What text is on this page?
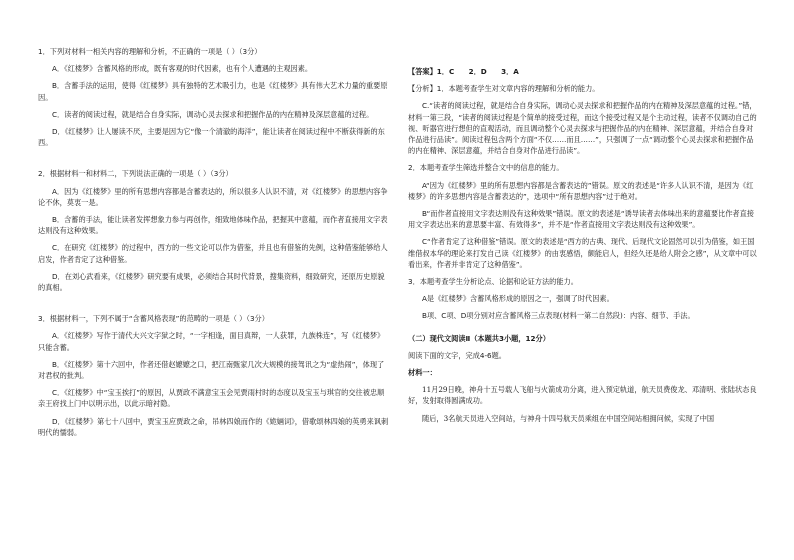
1．下列对材料一相关内容的理解和分析，不正确的一项是（ ）（3分）

A．《红楼梦》含蓄风格的形成，既有客观的时代因素，也有个人遭遇的主观因素。

B．含蓄手法的运用，使得《红楼梦》具有独特的艺术吸引力，也是《红楼梦》具有伟大艺术力量的重要原因。

C．读者的阅读过程，就是结合自身实际，调动心灵去探求和把握作品的内在精神及深层意蕴的过程。

D．《红楼梦》让人屡读不厌，主要是因为它“像一个清澈的海洋”，能让读者在阅读过程中不断获得新的东西。

2．根据材料一和材料二，下列说法正确的一项是（ ）（3分）

A．因为《红楼梦》里的所有思想内容都是含蓄表达的，所以很多人认识不清，对《红楼梦》的思想内容争论不休，莫衷一是。

B．含蓄的手法，能让读者发挥想象力参与再创作，细致地体味作品，把握其中意蕴，而作者直接用文字表达则没有这种效果。

C．在研究《红楼梦》的过程中，西方的一些文论可以作为借鉴，并且也有借鉴的先例，这种借鉴能够给人启发，作者肯定了这种借鉴。

D．在刘心武看来，《红楼梦》研究要有成果，必须结合其时代背景，搜集资料，细致研究，还原历史原貌的真相。

3．根据材料一，下列不属于“含蓄风格表现”的范畴的一项是（ ）（3分）

A．《红楼梦》写作于清代大兴文字狱之时，“一字相逢，面目真辩，一人获罪，九族株连”，写《红楼梦》只能含蓄。

B．《红楼梦》第十六回中，作者还借赵嬷嬷之口，把江南甄家几次大规模的接驾讯之为“虚热闹”，体现了对君权的批判。

C．《红楼梦》中“宝玉挨打”的原因，从贾政不满意宝玉会见贾雨村时的态度以及宝玉与琪官的交往被忠顺亲王府找上门中以明示出，以此示暗衬隐。

D．《红楼梦》第七十八回中，贾宝玉应贾政之命，吊林四娘而作的《姽婳词》，借歌颂林四娘的英勇来讽刺明代的懦弱。

【答案】1．C　　2．D　　3．A

【分析】1．本题考查学生对文章内容的理解和分析的能力。

C.“读者的阅读过程，就是结合自身实际，调动心灵去探求和把握作品的内在精神及深层意蕴的过程。”错，材料一第三段，“读者的阅读过程是个简单的接受过程，而这个接受过程又是个主动过程，读者不仅调动自己的视、听器官进行想但的直观活动，而且调动整个心灵去探求与把握作品的内在精神、深层意蕴，并结合自身对作品进行品读”。阅读过程包含两个方面“不仅……而且……”，只强调了一点“调动整个心灵去探求和把握作品的内在精神、深层意蕴，并结合自身对作品进行品读”。

2．本题考查学生筛选并整合文中的信息的能力。

A“因为《红楼梦》里的所有思想内容都是含蓄表达的”错误。原文的表述是“许多人认识不清，是因为《红楼梦》的许多思想内容是含蓄表达的”，选项中“所有思想内容”过于绝对。

B“而作者直接用文字表达则没有这种效果”错误。原文的表述是“诱导读者去体味出来的意蕴要比作者直接用文字表达出来的意思要丰富、有效得多”，并不是“作者直接用文字表达则没有这种效果”。

C“作者肯定了这种借鉴”错误。原文的表述是“西方的古典、现代、后现代文论固然可以引为借鉴，如王国维借叔本华的理论来打发自己读《红楼梦》的由衷感悟，颇能启人，但经久还是给人附会之感”，从文章中可以看出来，作者并非肯定了这种借鉴”。

3．本题考查学生分析论点、论据和论证方法的能力。

A是《红楼梦》含蓄风格形成的原因之一，强调了时代因素。

B项、C项、D项分别对应含蓄风格三点表现(材料一第二自然段)：内容、细节、手法。

（二）现代文阅读Ⅱ（本题共3小题，12分）

阅读下面的文字，完成4-6题。

材料一：

11月29日晚，神舟十五号载人飞船与火箭成功分离，进入预定轨道，航天员费俊龙、邓清明、张陆状态良好，发射取得圆满成功。

随后，3名航天员进入空间站，与神舟十四号航天员乘组在中国空间站相拥问候，实现了中国
